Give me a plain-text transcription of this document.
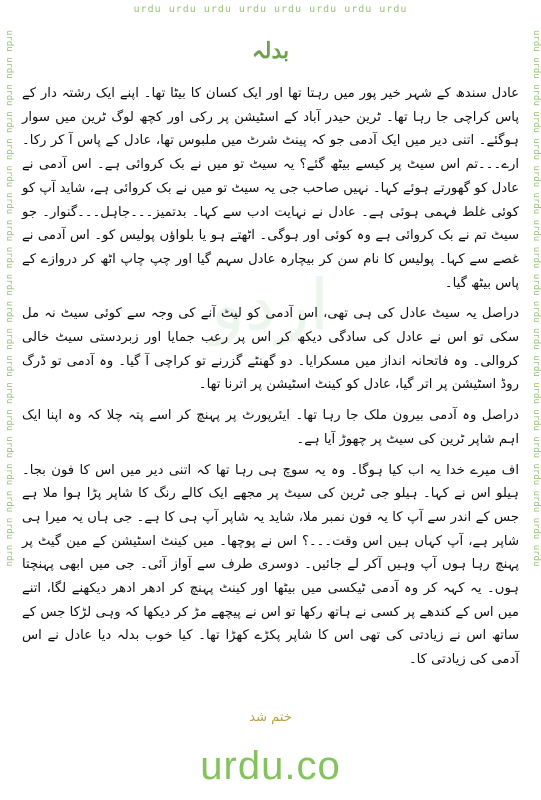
urdu urdu urdu urdu urdu urdu urdu urdu
urdu urdu urdu urdu urdu urdu urdu urdu urdu urdu urdu urdu urdu urdu urdu urdu urdu urdu urdu urdu	urdu urdu urdu urdu urdu urdu urdu urdu urdu urdu urdu urdu urdu urdu urdu urdu urdu urdu urdu urdu
اردو
بدلہ

عادل سندھ کے شہر خیر پور میں رہتا تھا اور ایک کسان کا بیٹا تھا۔ اپنے ایک رشتہ دار کے پاس کراچی جا رہا تھا۔ ٹرین حیدر آباد کے اسٹیشن پر رکی اور کچھ لوگ ٹرین میں سوار ہوگئے۔ اتنی دیر میں ایک آدمی جو کہ پینٹ شرٹ میں ملبوس تھا، عادل کے پاس آ کر رکا۔ ارے۔۔۔تم اس سیٹ پر کیسے بیٹھ گئے؟ یہ سیٹ تو میں نے بک کروائی ہے۔ اس آدمی نے عادل کو گھورتے ہوئے کہا۔ نہیں صاحب جی یہ سیٹ تو میں نے بک کروائی ہے، شاید آپ کو کوئی غلط فہمی ہوئی ہے۔ عادل نے نہایت ادب سے کہا۔ بدتمیز۔۔۔جاہل۔۔۔گنوار۔ جو سیٹ تم نے بک کروائی ہے وہ کوئی اور ہوگی۔ اٹھتے ہو یا بلواؤں پولیس کو۔ اس آدمی نے غصے سے کہا۔ پولیس کا نام سن کر بیچارہ عادل سہم گیا اور چپ چاپ اٹھ کر دروازے کے پاس بیٹھ گیا۔

دراصل یہ سیٹ عادل کی ہی تھی، اس آدمی کو لیٹ آنے کی وجہ سے کوئی سیٹ نہ مل سکی تو اس نے عادل کی سادگی دیکھ کر اس پر رعب جمایا اور زبردستی سیٹ خالی کروالی۔ وہ فاتحانہ انداز میں مسکرایا۔ دو گھنٹے گزرنے تو کراچی آ گیا۔ وہ آدمی تو ڈرگ روڈ اسٹیشن پر اتر گیا، عادل کو کینٹ اسٹیشن پر اترنا تھا۔

دراصل وہ آدمی بیرون ملک جا رہا تھا۔ ایئرپورٹ پر پہنچ کر اسے پتہ چلا کہ وہ اپنا ایک اہم شاپر ٹرین کی سیٹ پر چھوڑ آیا ہے۔

اف میرے خدا یہ اب کیا ہوگا۔ وہ یہ سوچ ہی رہا تھا کہ اتنی دیر میں اس کا فون بجا۔ ہیلو اس نے کہا۔ ہیلو جی ٹرین کی سیٹ پر مجھے ایک کالے رنگ کا شاپر پڑا ہوا ملا ہے جس کے اندر سے آپ کا یہ فون نمبر ملا، شاید یہ شاپر آپ ہی کا ہے۔ جی ہاں یہ میرا ہی شاپر ہے، آپ کہاں ہیں اس وقت۔۔۔؟ اس نے پوچھا۔ میں کینٹ اسٹیشن کے مین گیٹ پر پہنچ رہا ہوں آپ وہیں آکر لے جائیں۔ دوسری طرف سے آواز آئی۔ جی میں ابھی پہنچتا ہوں۔ یہ کہہ کر وہ آدمی ٹیکسی میں بیٹھا اور کینٹ پہنچ کر ادھر ادھر دیکھنے لگا، اتنے میں اس کے کندھے پر کسی نے ہاتھ رکھا تو اس نے پیچھے مڑ کر دیکھا کہ وہی لڑکا جس کے ساتھ اس نے زیادتی کی تھی اس کا شاپر پکڑے کھڑا تھا۔ کیا خوب بدلہ دیا عادل نے اس آدمی کی زیادتی کا۔

ختم شد
urdu.co
